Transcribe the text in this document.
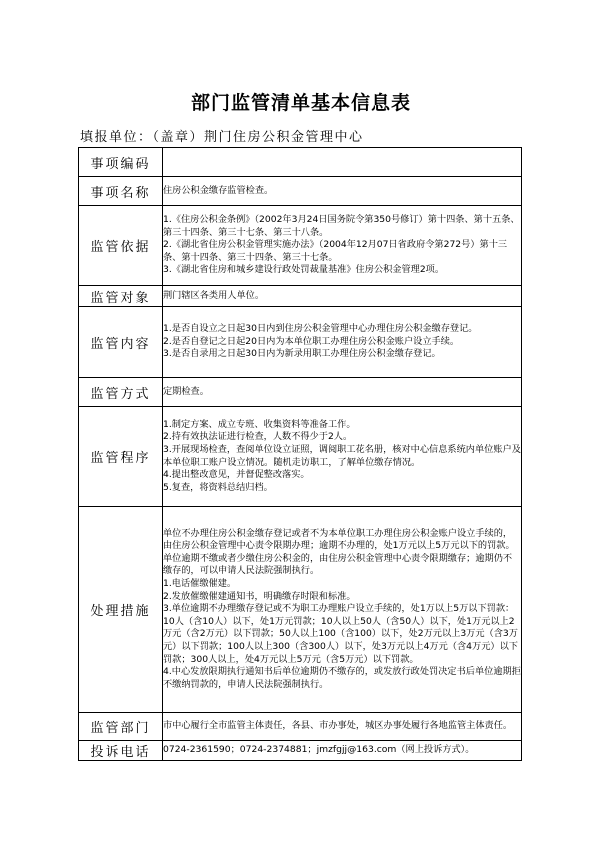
部门监管清单基本信息表
填报单位：（盖章）荆门住房公积金管理中心
事项编码	
事项名称	住房公积金缴存监管检查。
监管依据	1.《住房公积金条例》（2002年3月24日国务院令第350号修订）第十四条、第十五条、第三十四条、第三十七条、第三十八条。
2.《湖北省住房公积金管理实施办法》（2004年12月07日省政府令第272号）第十三条、第十四条、第三十四条、第三十七条。
3.《湖北省住房和城乡建设行政处罚裁量基准》住房公积金管理2项。

监管对象	荆门辖区各类用人单位。
监管内容	1.是否自设立之日起30日内到住房公积金管理中心办理住房公积金缴存登记。
2.是否自登记之日起20日内为本单位职工办理住房公积金账户设立手续。
3.是否自录用之日起30日内为新录用职工办理住房公积金缴存登记。

监管方式	定期检查。
监管程序	1.制定方案、成立专班、收集资料等准备工作。
2.持有效执法证进行检查，人数不得少于2人。
3.开展现场检查，查阅单位设立证照，调阅职工花名册，核对中心信息系统内单位账户及本单位职工账户设立情况。随机走访职工，了解单位缴存情况。
4.提出整改意见，并督促整改落实。
5.复查，将资料总结归档。

处理措施	单位不办理住房公积金缴存登记或者不为本单位职工办理住房公积金账户设立手续的，由住房公积金管理中心责令限期办理；逾期不办理的，处1万元以上5万元以下的罚款。单位逾期不缴或者少缴住房公积金的，由住房公积金管理中心责令限期缴存；逾期仍不缴存的，可以申请人民法院强制执行。
1.电话催缴催建。
2.发放催缴催建通知书，明确缴存时限和标准。
3.单位逾期不办理缴存登记或不为职工办理账户设立手续的，处1万以上5万以下罚款：10人（含10人）以下，处1万元罚款；10人以上50人（含50人）以下，处1万元以上2万元（含2万元）以下罚款；50人以上100（含100）以下，处2万元以上3万元（含3万元）以下罚款；100人以上300（含300人）以下，处3万元以上4万元（含4万元）以下罚款；300人以上，处4万元以上5万元（含5万元）以下罚款。
4.中心发放限期执行通知书后单位逾期仍不缴存的，或发放行政处罚决定书后单位逾期拒不缴纳罚款的，申请人民法院强制执行。

监管部门	市中心履行全市监管主体责任，各县、市办事处，城区办事处履行各地监管主体责任。
投诉电话	0724-2361590；0724-2374881；jmzfgjj@163.com（网上投诉方式）。
